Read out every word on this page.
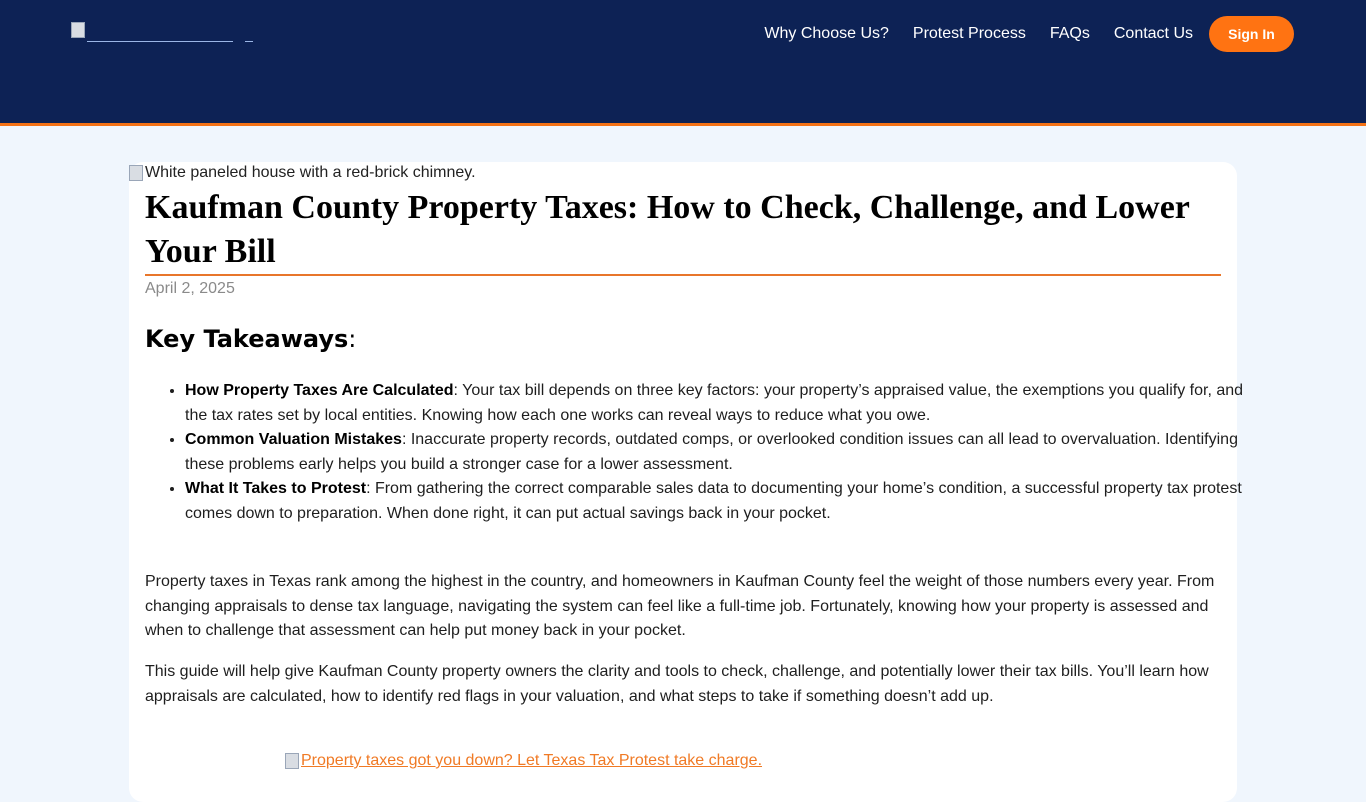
Why Choose Us? Protest Process FAQs Contact Us	Sign In
White paneled house with a red-brick chimney.
Kaufman County Property Taxes: How to Check, Challenge, and Lower Your Bill
April 2, 2025
Key Takeaways:
• How Property Taxes Are Calculated: Your tax bill depends on three key factors: your property’s appraised value, the exemptions you qualify for, and the tax rates set by local entities. Knowing how each one works can reveal ways to reduce what you owe.
• Common Valuation Mistakes: Inaccurate property records, outdated comps, or overlooked condition issues can all lead to overvaluation. Identifying these problems early helps you build a stronger case for a lower assessment.
• What It Takes to Protest: From gathering the correct comparable sales data to documenting your home’s condition, a successful property tax protest comes down to preparation. When done right, it can put actual savings back in your pocket.

Property taxes in Texas rank among the highest in the country, and homeowners in Kaufman County feel the weight of those numbers every year. From changing appraisals to dense tax language, navigating the system can feel like a full-time job. Fortunately, knowing how your property is assessed and when to challenge that assessment can help put money back in your pocket.

This guide will help give Kaufman County property owners the clarity and tools to check, challenge, and potentially lower their tax bills. You’ll learn how appraisals are calculated, how to identify red flags in your valuation, and what steps to take if something doesn’t add up.

Property taxes got you down? Let Texas Tax Protest take charge.
